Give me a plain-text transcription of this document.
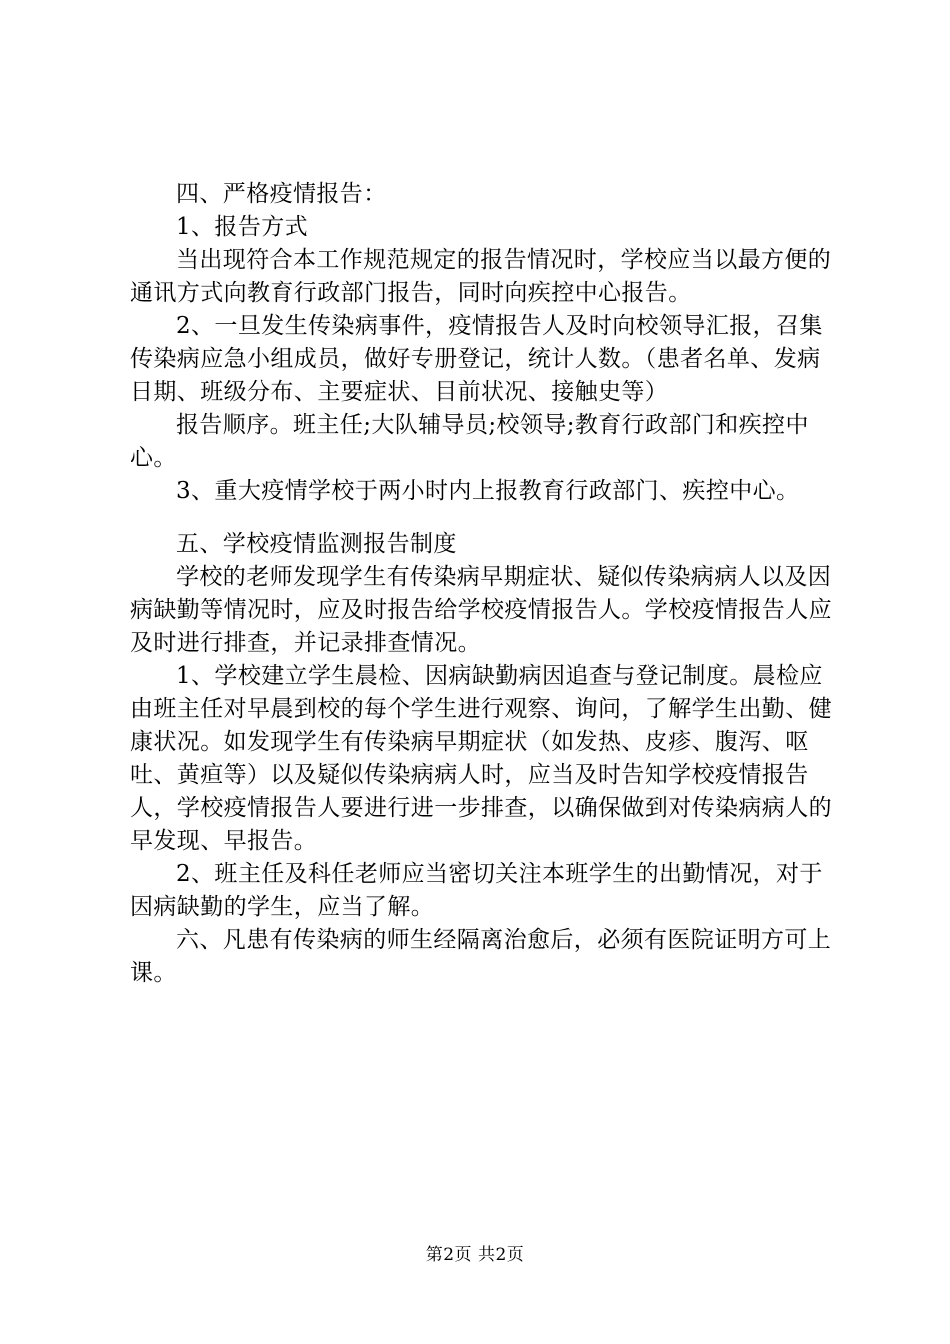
四、严格疫情报告：

1、报告方式

当出现符合本工作规范规定的报告情况时，学校应当以最方便的通讯方式向教育行政部门报告，同时向疾控中心报告。

2、一旦发生传染病事件，疫情报告人及时向校领导汇报，召集传染病应急小组成员，做好专册登记，统计人数。（患者名单、发病日期、班级分布、主要症状、目前状况、接触史等）

报告顺序。班主任;大队辅导员;校领导;教育行政部门和疾控中心。

3、重大疫情学校于两小时内上报教育行政部门、疾控中心。

五、学校疫情监测报告制度

学校的老师发现学生有传染病早期症状、疑似传染病病人以及因病缺勤等情况时，应及时报告给学校疫情报告人。学校疫情报告人应及时进行排查，并记录排查情况。

1、学校建立学生晨检、因病缺勤病因追查与登记制度。晨检应由班主任对早晨到校的每个学生进行观察、询问，了解学生出勤、健康状况。如发现学生有传染病早期症状（如发热、皮疹、腹泻、呕吐、黄疸等）以及疑似传染病病人时，应当及时告知学校疫情报告人，学校疫情报告人要进行进一步排查，以确保做到对传染病病人的早发现、早报告。

2、班主任及科任老师应当密切关注本班学生的出勤情况，对于因病缺勤的学生，应当了解。

六、凡患有传染病的师生经隔离治愈后，必须有医院证明方可上课。

第2页 共2页
